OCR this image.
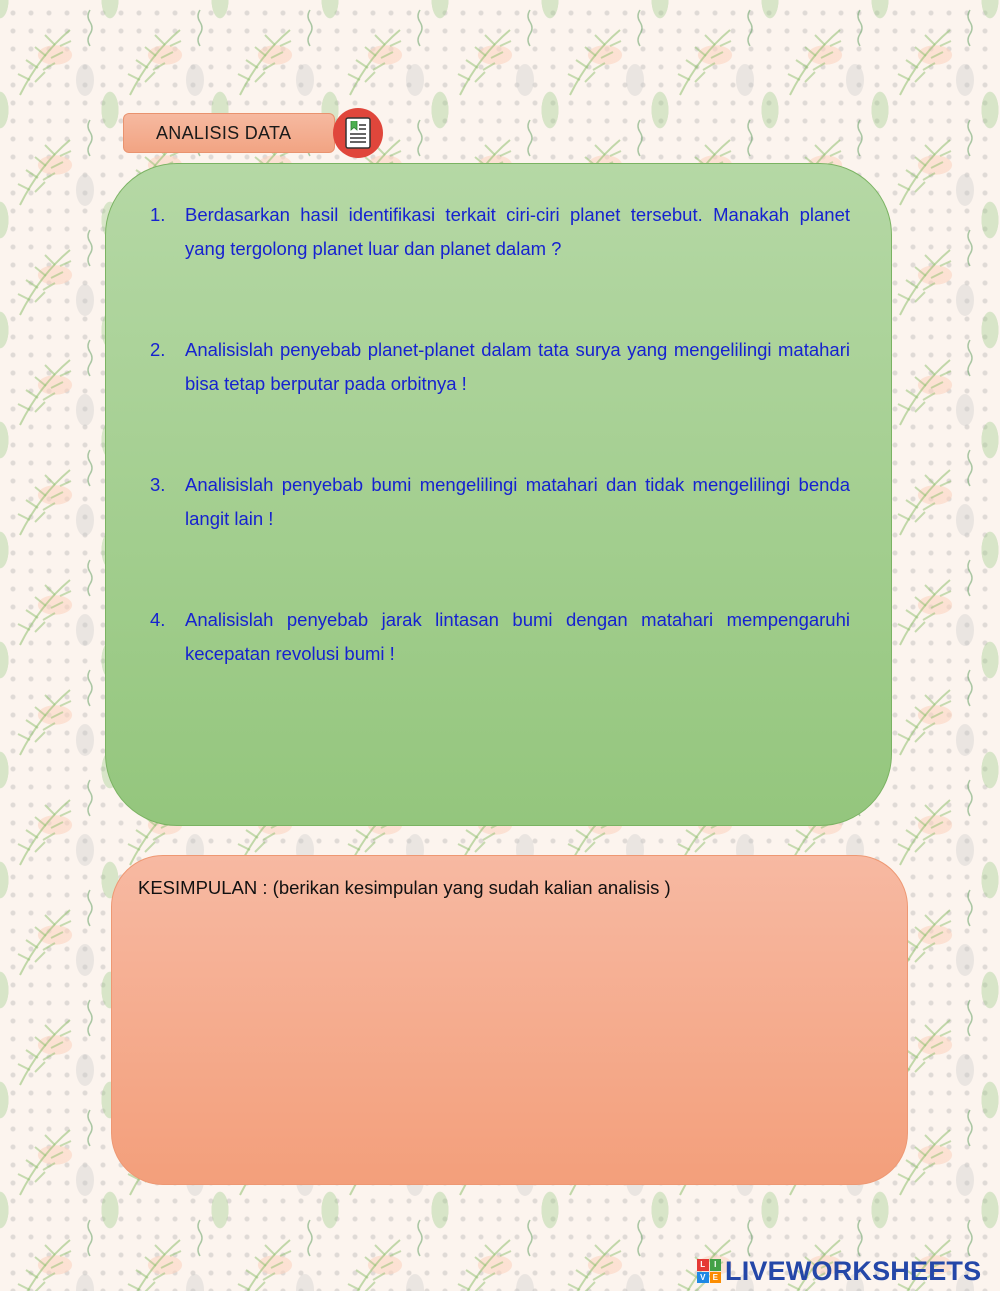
ANALISIS DATA
1. Berdasarkan hasil identifikasi terkait ciri-ciri planet tersebut. Manakah planet yang tergolong planet luar dan planet dalam ?
2. Analisislah penyebab planet-planet dalam tata surya yang mengelilingi matahari bisa tetap berputar pada orbitnya !
3. Analisislah penyebab bumi mengelilingi matahari dan tidak mengelilingi benda langit lain !
4. Analisislah penyebab jarak lintasan bumi dengan matahari mempengaruhi kecepatan revolusi bumi !
KESIMPULAN : (berikan kesimpulan yang sudah kalian analisis )
L	I
V E LIVEWORKSHEETS
